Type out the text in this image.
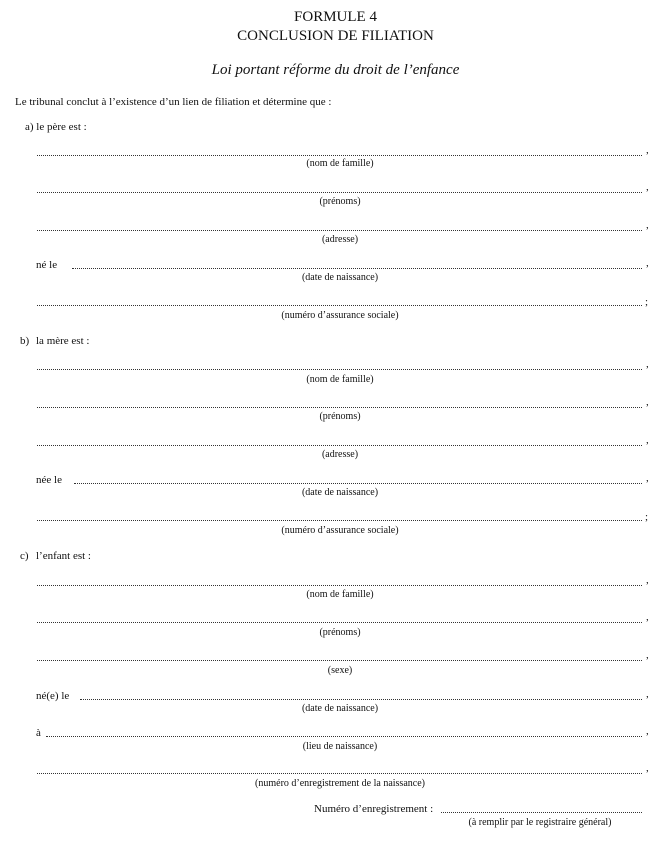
FORMULE 4
CONCLUSION DE FILIATION
Loi portant réforme du droit de l’enfance
Le tribunal conclut à l’existence d’un lien de filiation et détermine que :
a) le père est :
,
(nom de famille)
,
(prénoms)
,
(adresse)
né le	,
(date de naissance)
;
(numéro d’assurance sociale)
b) la mère est :
,
(nom de famille)
,
(prénoms)
,
(adresse)
née le	,
(date de naissance)
;
(numéro d’assurance sociale)
c) l’enfant est :
,
(nom de famille)
,
(prénoms)
,
(sexe)
né(e) le	,
(date de naissance)
à	,
(lieu de naissance)
,
(numéro d’enregistrement de la naissance)
Numéro d’enregistrement :
(à remplir par le registraire général)
